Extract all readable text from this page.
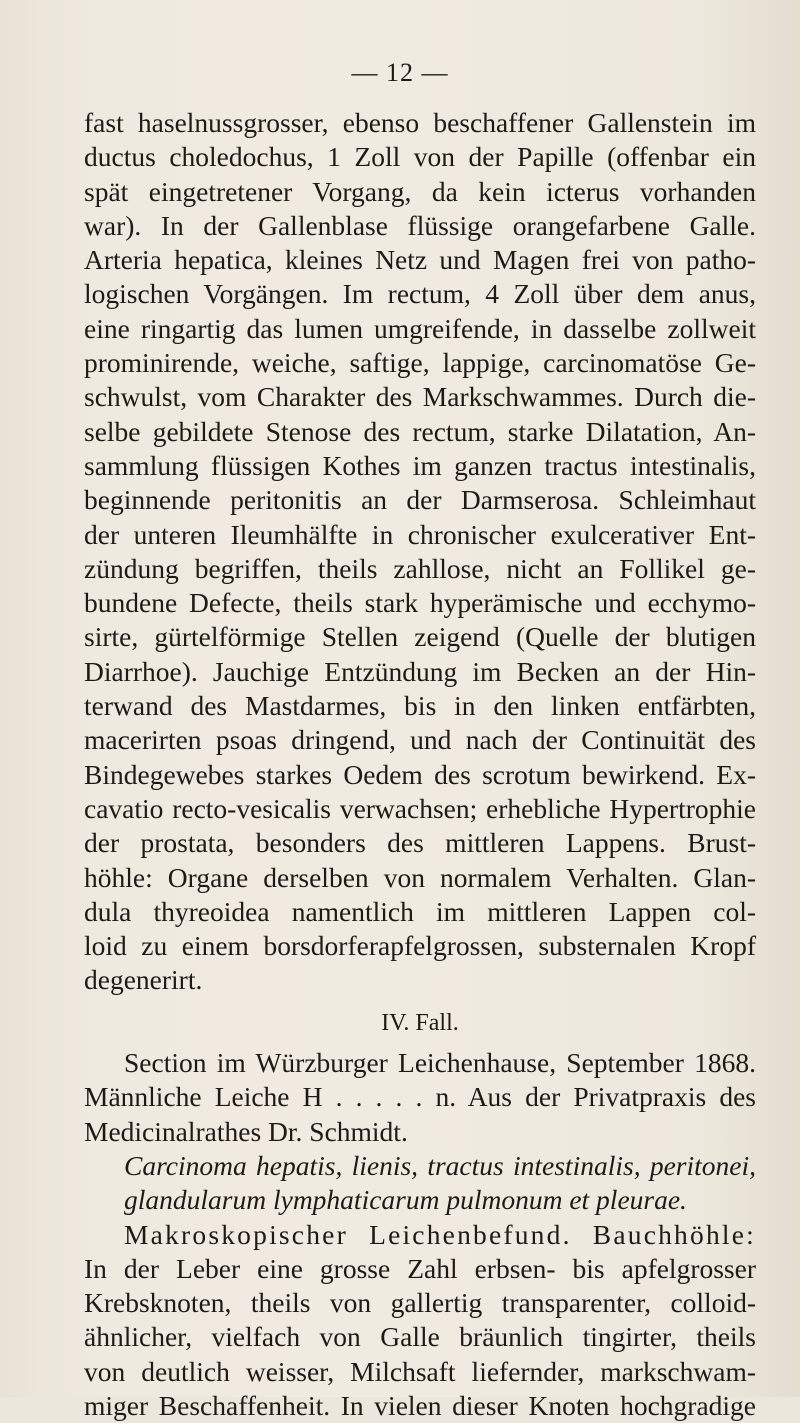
— 12 —
fast haselnussgrosser, ebenso beschaffener Gallenstein im
ductus choledochus, 1 Zoll von der Papille (offenbar ein
spät eingetretener Vorgang, da kein icterus vorhanden
war). In der Gallenblase flüssige orangefarbene Galle.
Arteria hepatica, kleines Netz und Magen frei von patho-
logischen Vorgängen. Im rectum, 4 Zoll über dem anus,
eine ringartig das lumen umgreifende, in dasselbe zollweit
prominirende, weiche, saftige, lappige, carcinomatöse Ge-
schwulst, vom Charakter des Markschwammes. Durch die-
selbe gebildete Stenose des rectum, starke Dilatation, An-
sammlung flüssigen Kothes im ganzen tractus intestinalis,
beginnende peritonitis an der Darmserosa. Schleimhaut
der unteren Ileumhälfte in chronischer exulcerativer Ent-
zündung begriffen, theils zahllose, nicht an Follikel ge-
bundene Defecte, theils stark hyperämische und ecchymo-
sirte, gürtelförmige Stellen zeigend (Quelle der blutigen
Diarrhoe). Jauchige Entzündung im Becken an der Hin-
terwand des Mastdarmes, bis in den linken entfärbten,
macerirten psoas dringend, und nach der Continuität des
Bindegewebes starkes Oedem des scrotum bewirkend. Ex-
cavatio recto-vesicalis verwachsen; erhebliche Hypertrophie
der prostata, besonders des mittleren Lappens. Brust-
höhle: Organe derselben von normalem Verhalten. Glan-
dula thyreoidea namentlich im mittleren Lappen col-
loid zu einem borsdorferapfelgrossen, substernalen Kropf
degenerirt.
IV. Fall.
Section im Würzburger Leichenhause, September 1868.
Männliche Leiche H . . . . . n. Aus der Privatpraxis des
Medicinalrathes Dr. Schmidt.
Carcinoma hepatis, lienis, tractus intestinalis, peritonei,
glandularum lymphaticarum pulmonum et pleurae.
Makroskopischer Leichenbefund. Bauchhöhle:
In der Leber eine grosse Zahl erbsen- bis apfelgrosser
Krebsknoten, theils von gallertig transparenter, colloid-
ähnlicher, vielfach von Galle bräunlich tingirter, theils
von deutlich weisser, Milchsaft liefernder, markschwam-
miger Beschaffenheit. In vielen dieser Knoten hochgradige
